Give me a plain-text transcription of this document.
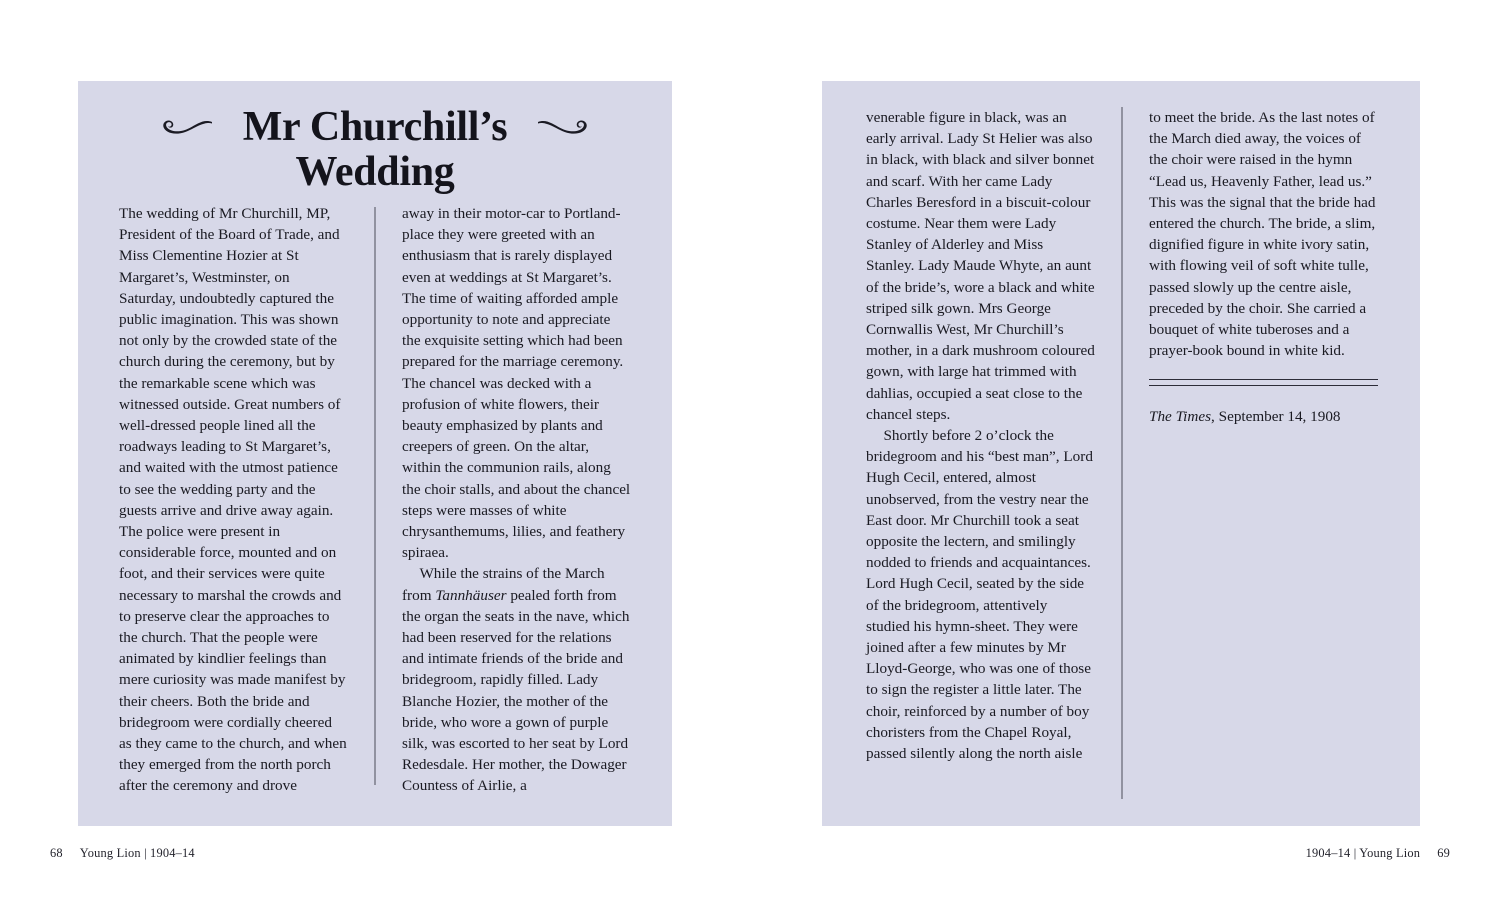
Mr Churchill’s
Wedding

The wedding of Mr Churchill, MP, President of the Board of Trade, and Miss Clementine Hozier at St Margaret’s, Westminster, on Saturday, undoubtedly captured the public imagination. This was shown not only by the crowded state of the church during the ceremony, but by the remarkable scene which was witnessed outside. Great numbers of well-dressed people lined all the roadways leading to St Margaret’s, and waited with the utmost patience to see the wedding party and the guests arrive and drive away again. The police were present in considerable force, mounted and on foot, and their services were quite necessary to marshal the crowds and to preserve clear the approaches to the church. That the people were animated by kindlier feelings than mere curiosity was made manifest by their cheers. Both the bride and bridegroom were cordially cheered as they came to the church, and when they emerged from the north porch after the ceremony and drove

away in their motor-car to Portland-place they were greeted with an enthusiasm that is rarely displayed even at weddings at St Margaret’s. The time of waiting afforded ample opportunity to note and appreciate the exquisite setting which had been prepared for the marriage ceremony. The chancel was decked with a profusion of white flowers, their beauty emphasized by plants and creepers of green. On the altar, within the communion rails, along the choir stalls, and about the chancel steps were masses of white chrysanthemums, lilies, and feathery spiraea.

While the strains of the March from Tannhäuser pealed forth from the organ the seats in the nave, which had been reserved for the relations and intimate friends of the bride and bridegroom, rapidly filled. Lady Blanche Hozier, the mother of the bride, who wore a gown of purple silk, was escorted to her seat by Lord Redesdale. Her mother, the Dowager Countess of Airlie, a

venerable figure in black, was an early arrival. Lady St Helier was also in black, with black and silver bonnet and scarf. With her came Lady Charles Beresford in a biscuit-colour costume. Near them were Lady Stanley of Alderley and Miss Stanley. Lady Maude Whyte, an aunt of the bride’s, wore a black and white striped silk gown. Mrs George Cornwallis West, Mr Churchill’s mother, in a dark mushroom coloured gown, with large hat trimmed with dahlias, occupied a seat close to the chancel steps.

Shortly before 2 o’clock the bridegroom and his “best man”, Lord Hugh Cecil, entered, almost unobserved, from the vestry near the East door. Mr Churchill took a seat opposite the lectern, and smilingly nodded to friends and acquaintances. Lord Hugh Cecil, seated by the side of the bridegroom, attentively studied his hymn-sheet. They were joined after a few minutes by Mr Lloyd-George, who was one of those to sign the register a little later. The choir, reinforced by a number of boy choristers from the Chapel Royal, passed silently along the north aisle

to meet the bride. As the last notes of the March died away, the voices of the choir were raised in the hymn “Lead us, Heavenly Father, lead us.” This was the signal that the bride had entered the church. The bride, a slim, dignified figure in white ivory satin, with flowing veil of soft white tulle, passed slowly up the centre aisle, preceded by the choir. She carried a bouquet of white tuberoses and a prayer-book bound in white kid.

The Times, September 14, 1908

68 Young Lion | 1904–14	1904–14 | Young Lion 69
